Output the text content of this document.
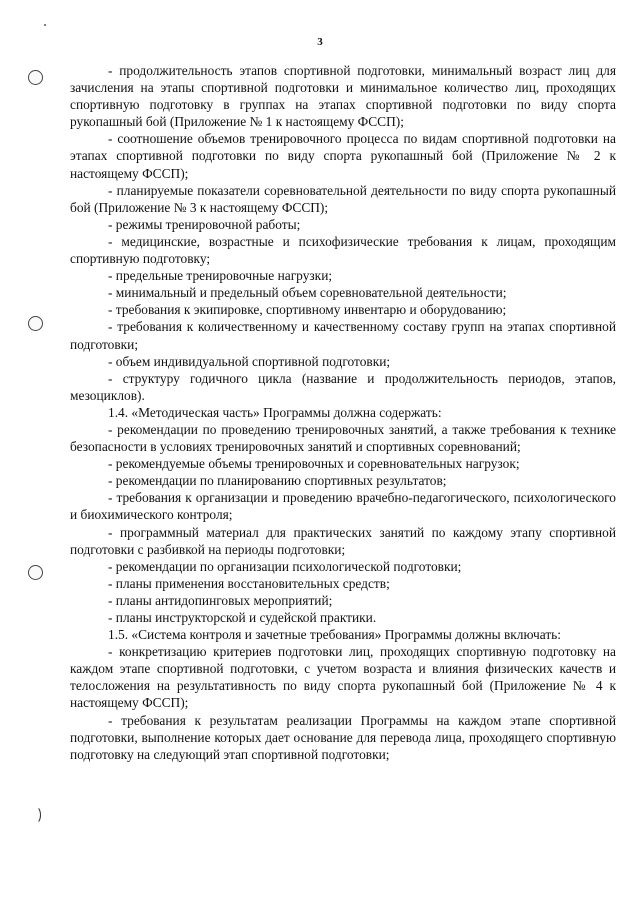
3

- продолжительность этапов спортивной подготовки, минимальный возраст лиц для зачисления на этапы спортивной подготовки и минимальное количество лиц, проходящих спортивную подготовку в группах на этапах спортивной подготовки по виду спорта рукопашный бой (Приложение № 1 к настоящему ФССП);

- соотношение объемов тренировочного процесса по видам спортивной подготовки на этапах спортивной подготовки по виду спорта рукопашный бой (Приложение № 2 к настоящему ФССП);

- планируемые показатели соревновательной деятельности по виду спорта рукопашный бой (Приложение № 3 к настоящему ФССП);

- режимы тренировочной работы;

- медицинские, возрастные и психофизические требования к лицам, проходящим спортивную подготовку;

- предельные тренировочные нагрузки;

- минимальный и предельный объем соревновательной деятельности;

- требования к экипировке, спортивному инвентарю и оборудованию;

- требования к количественному и качественному составу групп на этапах спортивной подготовки;

- объем индивидуальной спортивной подготовки;

- структуру годичного цикла (название и продолжительность периодов, этапов, мезоциклов).

1.4. «Методическая часть» Программы должна содержать:

- рекомендации по проведению тренировочных занятий, а также требования к технике безопасности в условиях тренировочных занятий и спортивных соревнований;

- рекомендуемые объемы тренировочных и соревновательных нагрузок;

- рекомендации по планированию спортивных результатов;

- требования к организации и проведению врачебно-педагогического, психологического и биохимического контроля;

- программный материал для практических занятий по каждому этапу спортивной подготовки с разбивкой на периоды подготовки;

- рекомендации по организации психологической подготовки;

- планы применения восстановительных средств;

- планы антидопинговых мероприятий;

- планы инструкторской и судейской практики.

1.5. «Система контроля и зачетные требования» Программы должны включать:

- конкретизацию критериев подготовки лиц, проходящих спортивную подготовку на каждом этапе спортивной подготовки, с учетом возраста и влияния физических качеств и телосложения на результативность по виду спорта рукопашный бой (Приложение № 4 к настоящему ФССП);

- требования к результатам реализации Программы на каждом этапе спортивной подготовки, выполнение которых дает основание для перевода лица, проходящего спортивную подготовку на следующий этап спортивной подготовки;
